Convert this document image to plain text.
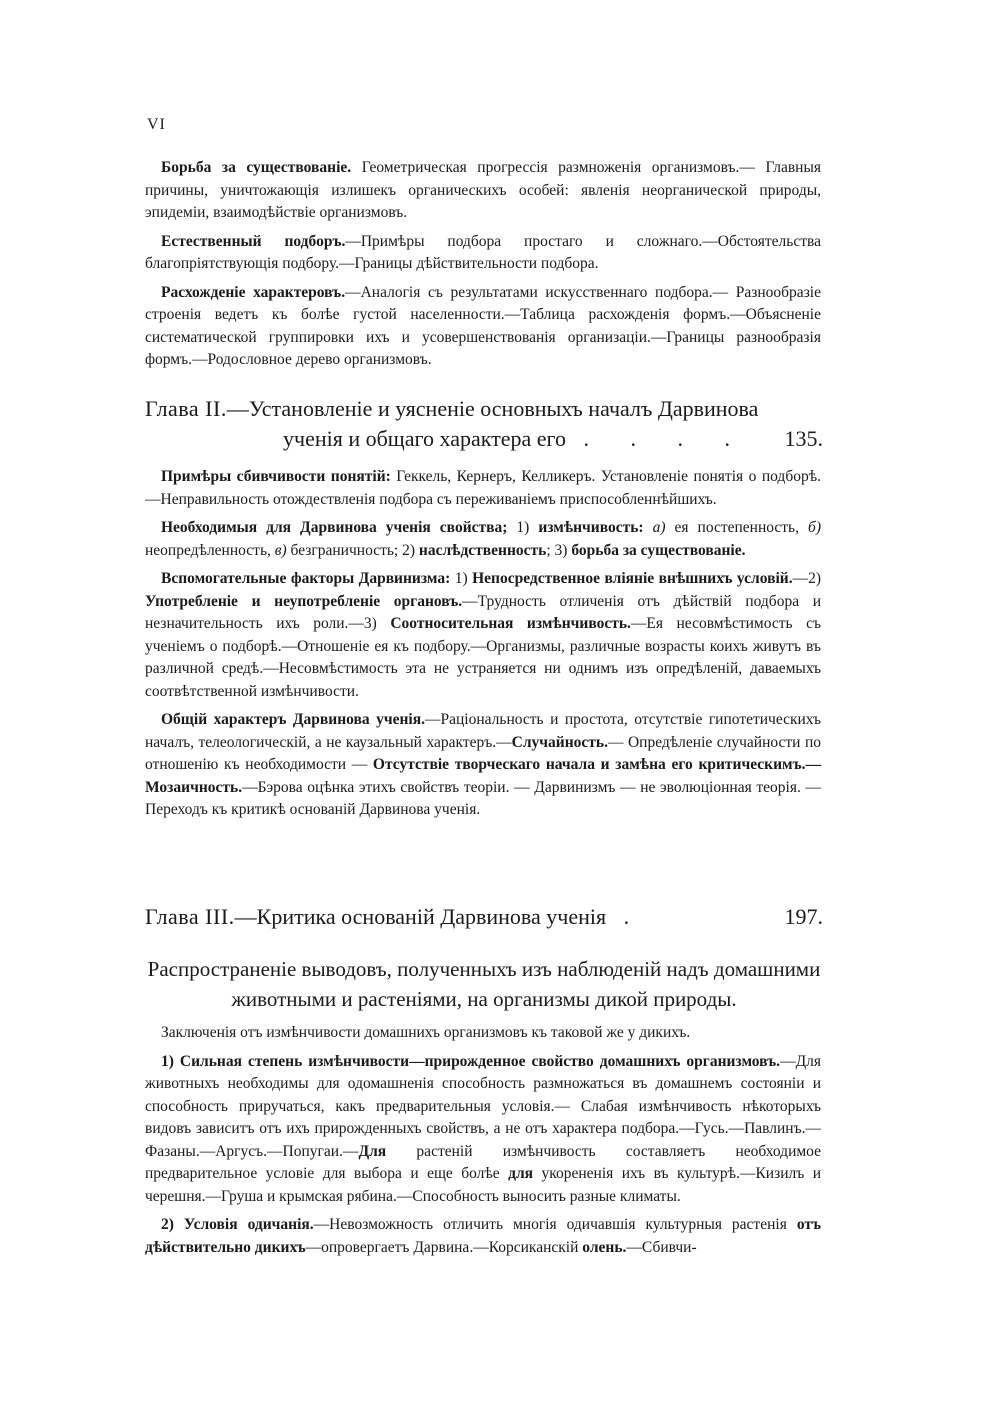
VI

Борьба за существованіе. Геометрическая прогрессія размноженія организмовъ.— Главныя причины, уничтожающія излишекъ органическихъ особей: явленія неорганической природы, эпидеміи, взаимодѣйствіе организмовъ.

Естественный подборъ.—Примѣры подбора простаго и сложнаго.—Обстоятельства благопріятствующія подбору.—Границы дѣйствительности подбора.

Расхожденіе характеровъ.—Аналогія съ результатами искусственнаго подбора.— Разнообразіе строенія ведетъ къ болѣе густой населенности.—Таблица расхожденія формъ.—Объясненіе систематической группировки ихъ и усовершенствованія организаціи.—Границы разнообразія формъ.—Родословное дерево организмовъ.

Глава II.—Установленіе и уясненіе основныхъ началъ Дарвинова
ученія и общаго характера его . . . . 135.

Примѣры сбивчивости понятій: Геккель, Кернеръ, Келликеръ. Установленіе понятія о подборѣ.—Неправильность отождествленія подбора съ переживаніемъ приспособленнѣйшихъ.

Необходимыя для Дарвинова ученія свойства; 1) измѣнчивость: а) ея постепенность, б) неопредѣленность, в) безграничность; 2) наслѣдственность; 3) борьба за существованіе.

Вспомогательные факторы Дарвинизма: 1) Непосредственное вліяніе внѣшнихъ условій.—2) Употребленіе и неупотребленіе органовъ.—Трудность отличенія отъ дѣйствій подбора и незначительность ихъ роли.—3) Соотносительная измѣнчивость.—Ея несовмѣстимость съ ученіемъ о подборѣ.—Отношеніе ея къ подбору.—Организмы, различные возрасты коихъ живутъ въ различной средѣ.—Несовмѣстимость эта не устраняется ни однимъ изъ опредѣленій, даваемыхъ соотвѣтственной измѣнчивости.

Общій характеръ Дарвинова ученія.—Раціональность и простота, отсутствіе гипотетическихъ началъ, телеологическій, а не каузальный характеръ.—Случайность.— Опредѣленіе случайности по отношенію къ необходимости — Отсутствіе творческаго начала и замѣна его критическимъ.—Мозаичность.—Бэрова оцѣнка этихъ свойствъ теоріи. — Дарвинизмъ — не эволюціонная теорія. — Переходъ къ критикѣ основаній Дарвинова ученія.

Глава III.—Критика основаній Дарвинова ученія .	197.
Распространеніе выводовъ, полученныхъ изъ наблюденій надъ домашними животными и растеніями, на организмы дикой природы.

Заключенія отъ измѣнчивости домашнихъ организмовъ къ таковой же у дикихъ.

1) Сильная степень измѣнчивости—прирожденное свойство домашнихъ организмовъ.—Для животныхъ необходимы для одомашненія способность размножаться въ домашнемъ состояніи и способность приручаться, какъ предварительныя условія.— Слабая измѣнчивость нѣкоторыхъ видовъ зависитъ отъ ихъ прирожденныхъ свойствъ, а не отъ характера подбора.—Гусь.—Павлинъ.—Фазаны.—Аргусъ.—Попугаи.—Для растеній измѣнчивость составляетъ необходимое предварительное условіе для выбора и еще болѣе для укорененія ихъ въ культурѣ.—Кизилъ и черешня.—Груша и крымская рябина.—Способность выносить разные климаты.

2) Условія одичанія.—Невозможность отличить многія одичавшія культурныя растенія отъ дѣйствительно дикихъ—опровергаетъ Дарвина.—Корсиканскій олень.—Сбивчи-
